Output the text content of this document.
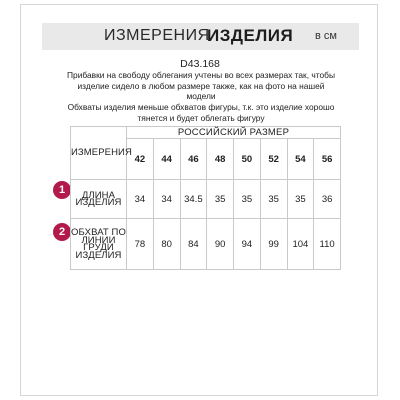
ИЗМЕРЕНИЯ
ИЗДЕЛИЯ в см
D43.168
Прибавки на свободу облегания учтены во всех размерах так, чтобы изделие сидело в любом размере также, как на фото на нашей модели
Обхваты изделия меньше обхватов фигуры, т.к. это изделие хорошо тянется и будет облегать фигуру
1
2
ИЗМЕРЕНИЯ	РОССИЙСКИЙ РАЗМЕР							
	42	44	46	48	50	52	54	56
ДЛИНА ИЗДЕЛИЯ	34	34	34.5	35	35	35	35	36
ОБХВАТ ПО ЛИНИИ ГРУДИ ИЗДЕЛИЯ	78	80	84	90	94	99	104	110
